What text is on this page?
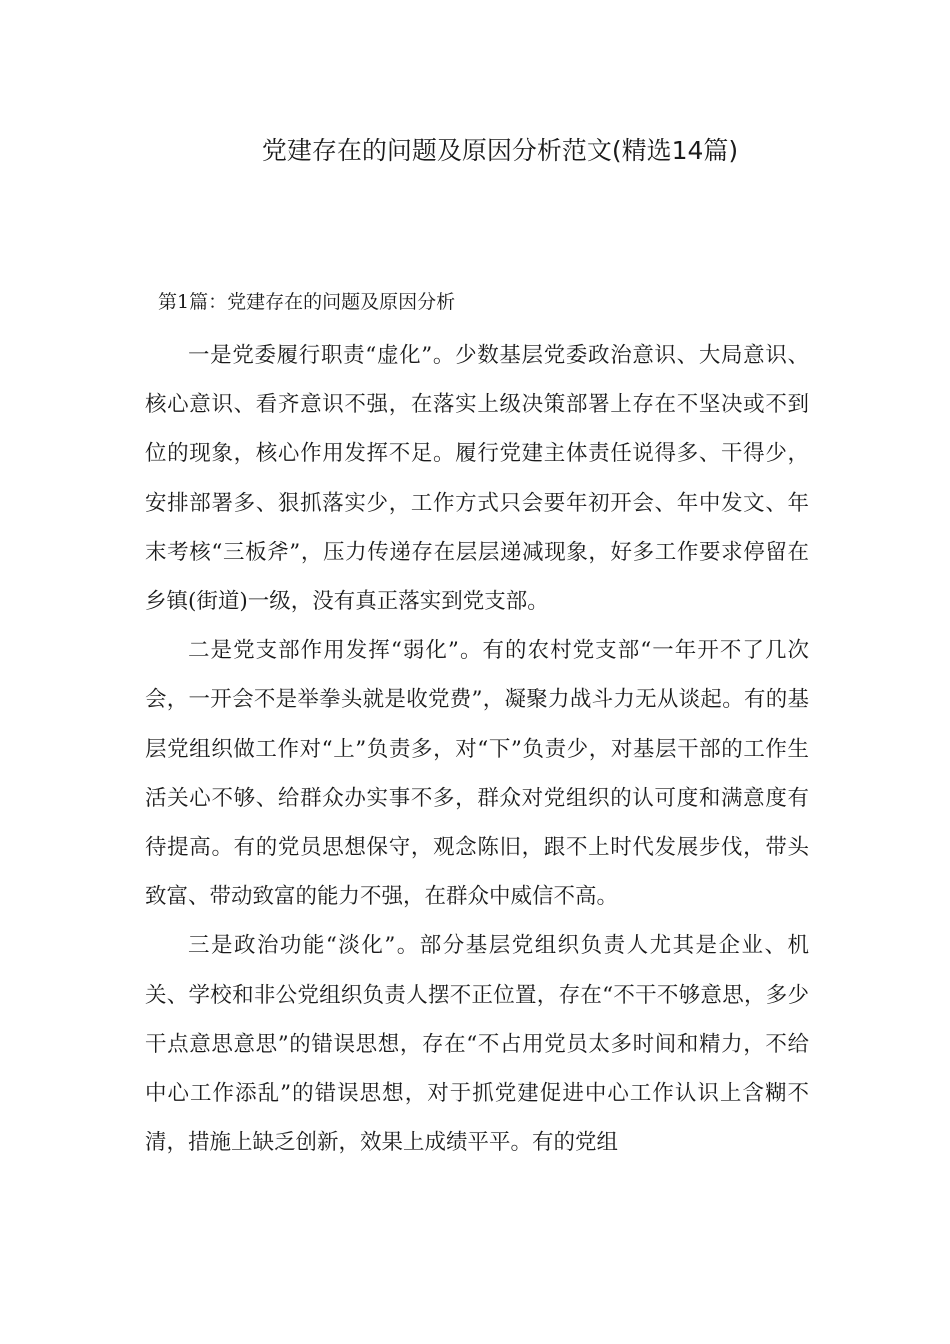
党建存在的问题及原因分析范文(精选14篇)
第1篇：党建存在的问题及原因分析

一是党委履行职责“虚化”。少数基层党委政治意识、大局意识、核心意识、看齐意识不强，在落实上级决策部署上存在不坚决或不到位的现象，核心作用发挥不足。履行党建主体责任说得多、干得少，安排部署多、狠抓落实少，工作方式只会要年初开会、年中发文、年末考核“三板斧”，压力传递存在层层递减现象，好多工作要求停留在乡镇(街道)一级，没有真正落实到党支部。

二是党支部作用发挥“弱化”。有的农村党支部“一年开不了几次会，一开会不是举拳头就是收党费”，凝聚力战斗力无从谈起。有的基层党组织做工作对“上”负责多，对“下”负责少，对基层干部的工作生活关心不够、给群众办实事不多，群众对党组织的认可度和满意度有待提高。有的党员思想保守，观念陈旧，跟不上时代发展步伐，带头致富、带动致富的能力不强，在群众中威信不高。

三是政治功能“淡化”。部分基层党组织负责人尤其是企业、机关、学校和非公党组织负责人摆不正位置，存在“不干不够意思，多少干点意思意思”的错误思想，存在“不占用党员太多时间和精力，不给中心工作添乱”的错误思想，对于抓党建促进中心工作认识上含糊不清，措施上缺乏创新，效果上成绩平平。有的党组
